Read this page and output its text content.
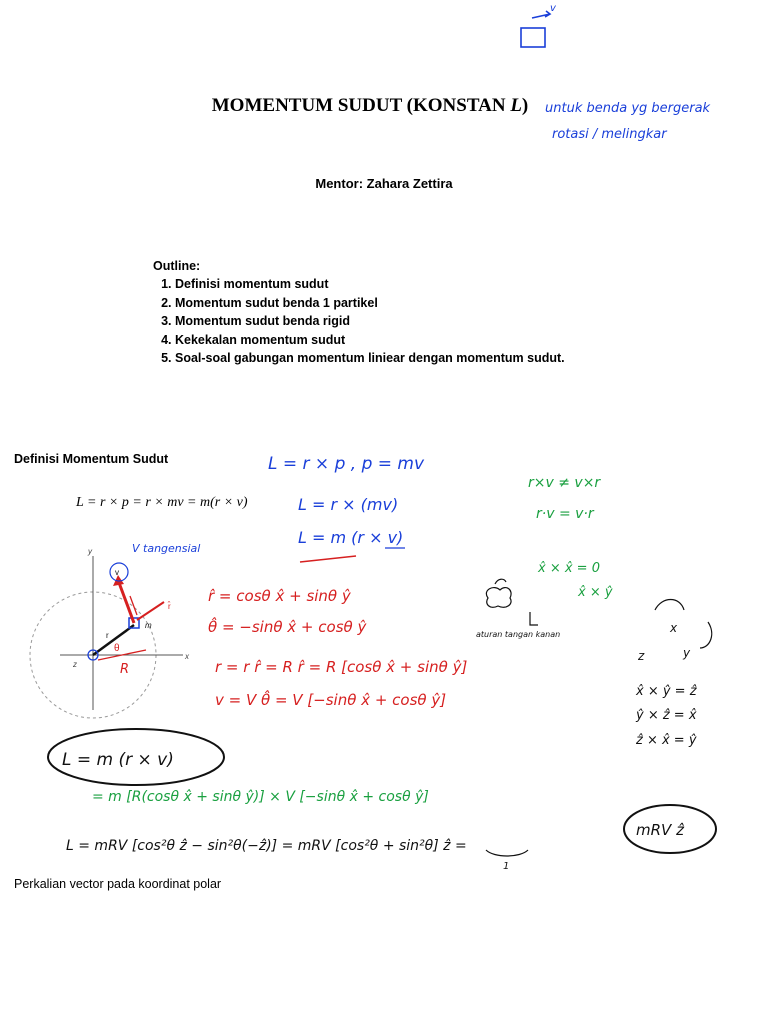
MOMENTUM SUDUT (KONSTAN L)
Mentor: Zahara Zettira
Outline:
1. Definisi momentum sudut
2. Momentum sudut benda 1 partikel
3. Momentum sudut benda rigid
4. Kekekalan momentum sudut
5. Soal-soal gabungan momentum liniear dengan momentum sudut.
Definisi Momentum Sudut
L = r × p = r × mv = m(r × v)
Perkalian vector pada koordinat polar
v
untuk benda yg bergerak
rotasi / melingkar
y
x
z
r
m
v
r̂
θ
R
V tangensial
L = r × p , p = mv
L = r × (mv)
L = m (r × v)
r×v ≠ v×r
r·v = v·r
x̂ × x̂ = 0
x̂ × ŷ
aturan tangan kanan	x
y
z
x̂ × ŷ = ẑ
ŷ × ẑ = x̂
ẑ × x̂ = ŷ
r̂ = cosθ x̂ + sinθ ŷ
θ̂ = −sinθ x̂ + cosθ ŷ
r = r r̂ = R r̂ = R [cosθ x̂ + sinθ ŷ]
v = V θ̂ = V [−sinθ x̂ + cosθ ŷ]
L = m (r × v)
= m [R(cosθ x̂ + sinθ ŷ)] × V [−sinθ x̂ + cosθ ŷ]
L = mRV [cos²θ ẑ − sin²θ(−ẑ)] = mRV [cos²θ + sin²θ] ẑ =
1
mRV ẑ
